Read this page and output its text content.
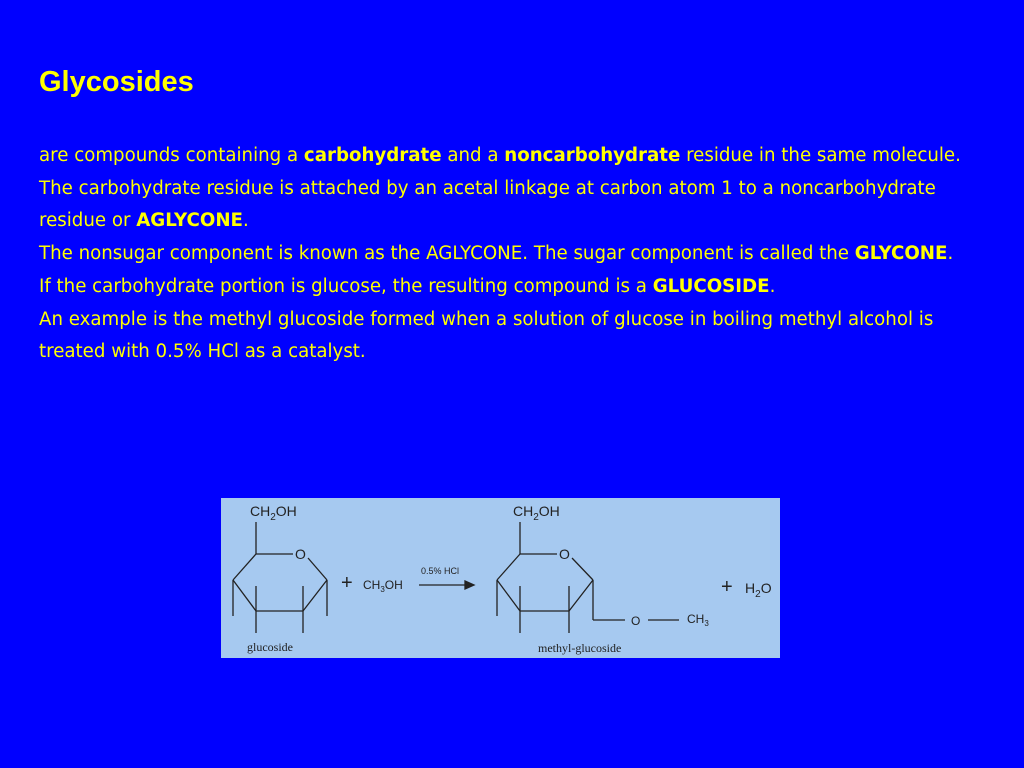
Glycosides

are compounds containing a carbohydrate and a noncarbohydrate residue in the same molecule.

The carbohydrate residue is attached by an acetal linkage at carbon atom 1 to a noncarbohydrate residue or AGLYCONE.

The nonsugar component is known as the AGLYCONE. The sugar component is called the GLYCONE.

If the carbohydrate portion is glucose, the resulting compound is a GLUCOSIDE.

An example is the methyl glucoside formed when a solution of glucose in boiling methyl alcohol is treated with 0.5% HCl as a catalyst.

$CH_2OH$
O
glucoside
+ $CH_3OH$
0.5% HCl
$CH_2OH$
O
O	$CH_3$
methyl-glucoside
+ $H_2O$
